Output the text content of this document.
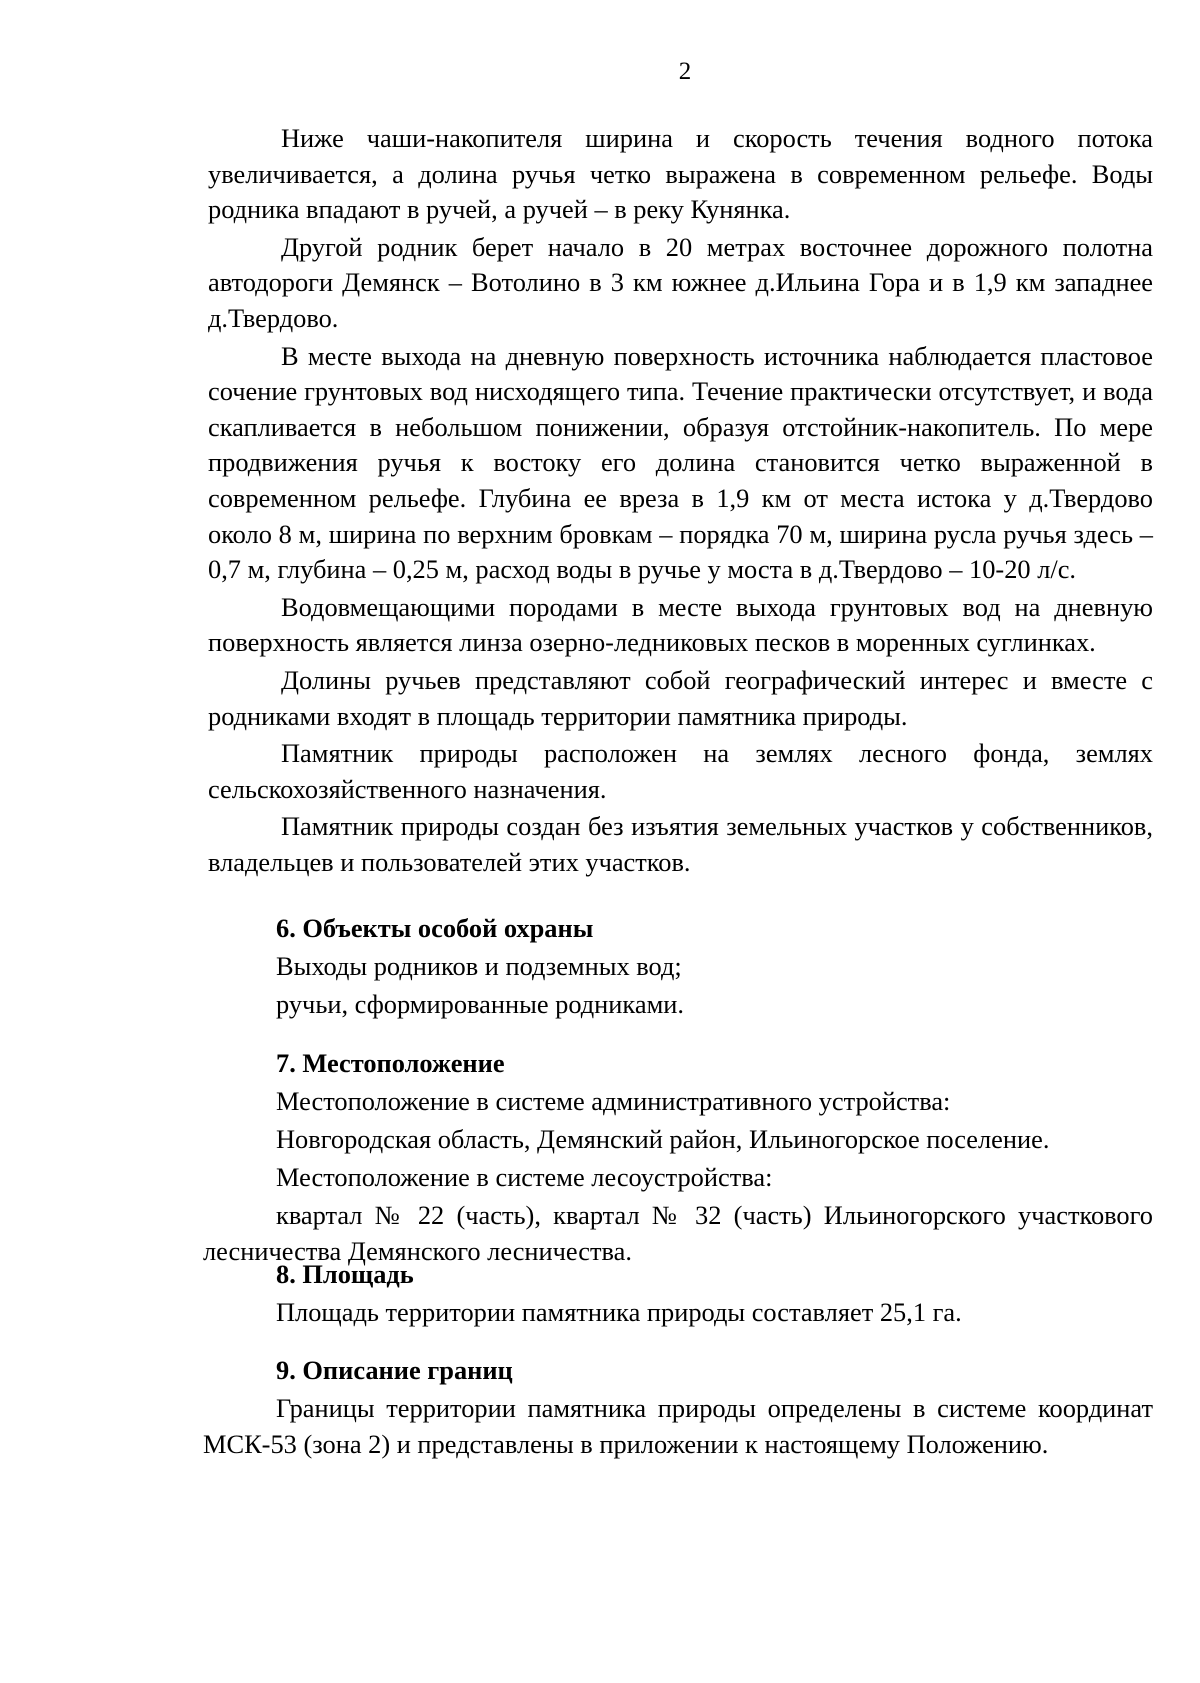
2

Ниже чаши-накопителя ширина и скорость течения водного потока увеличивается, а долина ручья четко выражена в современном рельефе. Воды родника впадают в ручей, а ручей – в реку Кунянка.

Другой родник берет начало в 20 метрах восточнее дорожного полотна автодороги Демянск – Вотолино в 3 км южнее д.Ильина Гора и в 1,9 км западнее д.Твердово.

В месте выхода на дневную поверхность источника наблюдается пластовое сочение грунтовых вод нисходящего типа. Течение практически отсутствует, и вода скапливается в небольшом понижении, образуя отстойник-накопитель. По мере продвижения ручья к востоку его долина становится четко выраженной в современном рельефе. Глубина ее вреза в 1,9 км от места истока у д.Твердово около 8 м, ширина по верхним бровкам – порядка 70 м, ширина русла ручья здесь – 0,7 м, глубина – 0,25 м, расход воды в ручье у моста в д.Твердово – 10-20 л/с.

Водовмещающими породами в месте выхода грунтовых вод на дневную поверхность является линза озерно-ледниковых песков в моренных суглинках.

Долины ручьев представляют собой географический интерес и вместе с родниками входят в площадь территории памятника природы.

Памятник природы расположен на землях лесного фонда, землях сельскохозяйственного назначения.

Памятник природы создан без изъятия земельных участков у собственников, владельцев и пользователей этих участков.

6. Объекты особой охраны
Выходы родников и подземных вод;
ручьи, сформированные родниками.
7. Местоположение
Местоположение в системе административного устройства:
Новгородская область, Демянский район, Ильиногорское поселение.
Местоположение в системе лесоустройства:

квартал № 22 (часть), квартал № 32 (часть) Ильиногорского участкового лесничества Демянского лесничества.

8. Площадь
Площадь территории памятника природы составляет 25,1 га.
9. Описание границ

Границы территории памятника природы определены в системе координат МСК-53 (зона 2) и представлены в приложении к настоящему Положению.
